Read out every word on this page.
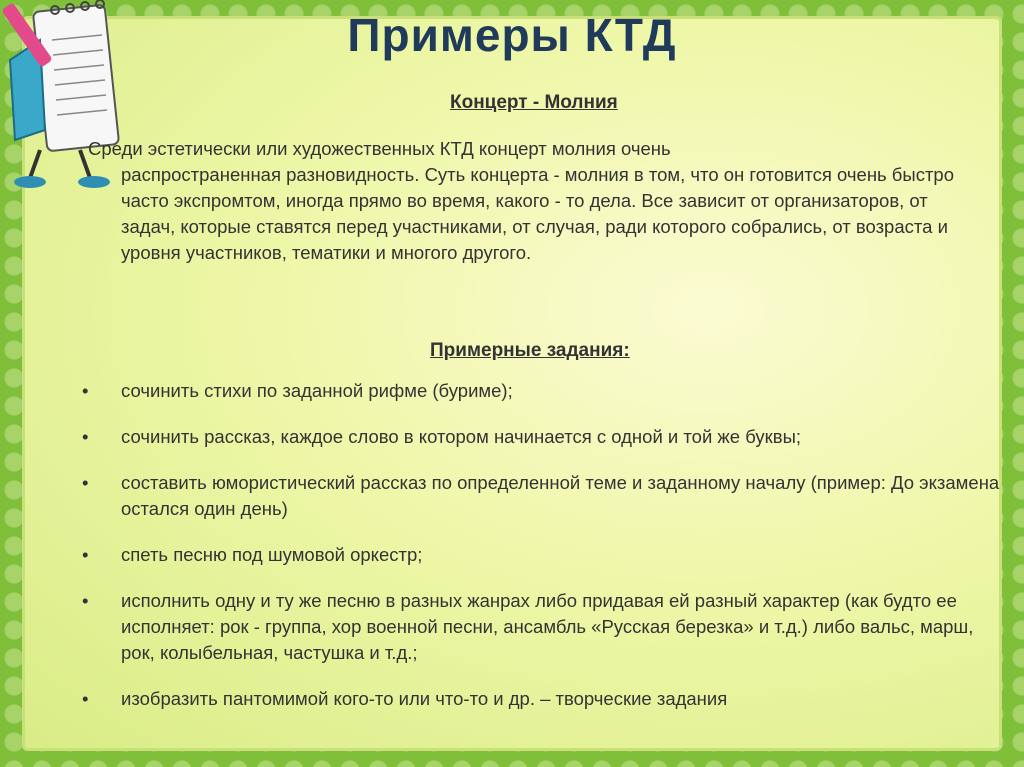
Примеры КТД
Концерт - Молния
Среди эстетически или художественных КТД концерт молния очень
распространенная разновидность. Суть концерта - молния в том, что он готовится очень быстро часто экспромтом, иногда прямо во время, какого - то дела. Все зависит от организаторов, от задач, которые ставятся перед участниками, от случая, ради которого собрались, от возраста и уровня участников, тематики и многого другого.
Примерные задания:
• сочинить стихи по заданной рифме (буриме);
• сочинить рассказ, каждое слово в котором начинается с одной и той же буквы;
• составить юмористический рассказ по определенной теме и заданному началу (пример: До экзамена остался один день)
• спеть песню под шумовой оркестр;
• исполнить одну и ту же песню в разных жанрах либо придавая ей разный характер (как будто ее исполняет: рок - группа, хор военной песни, ансамбль «Русская березка» и т.д.) либо вальс, марш, рок, колыбельная, частушка и т.д.;
• изобразить пантомимой кого-то или что-то и др. – творческие задания
